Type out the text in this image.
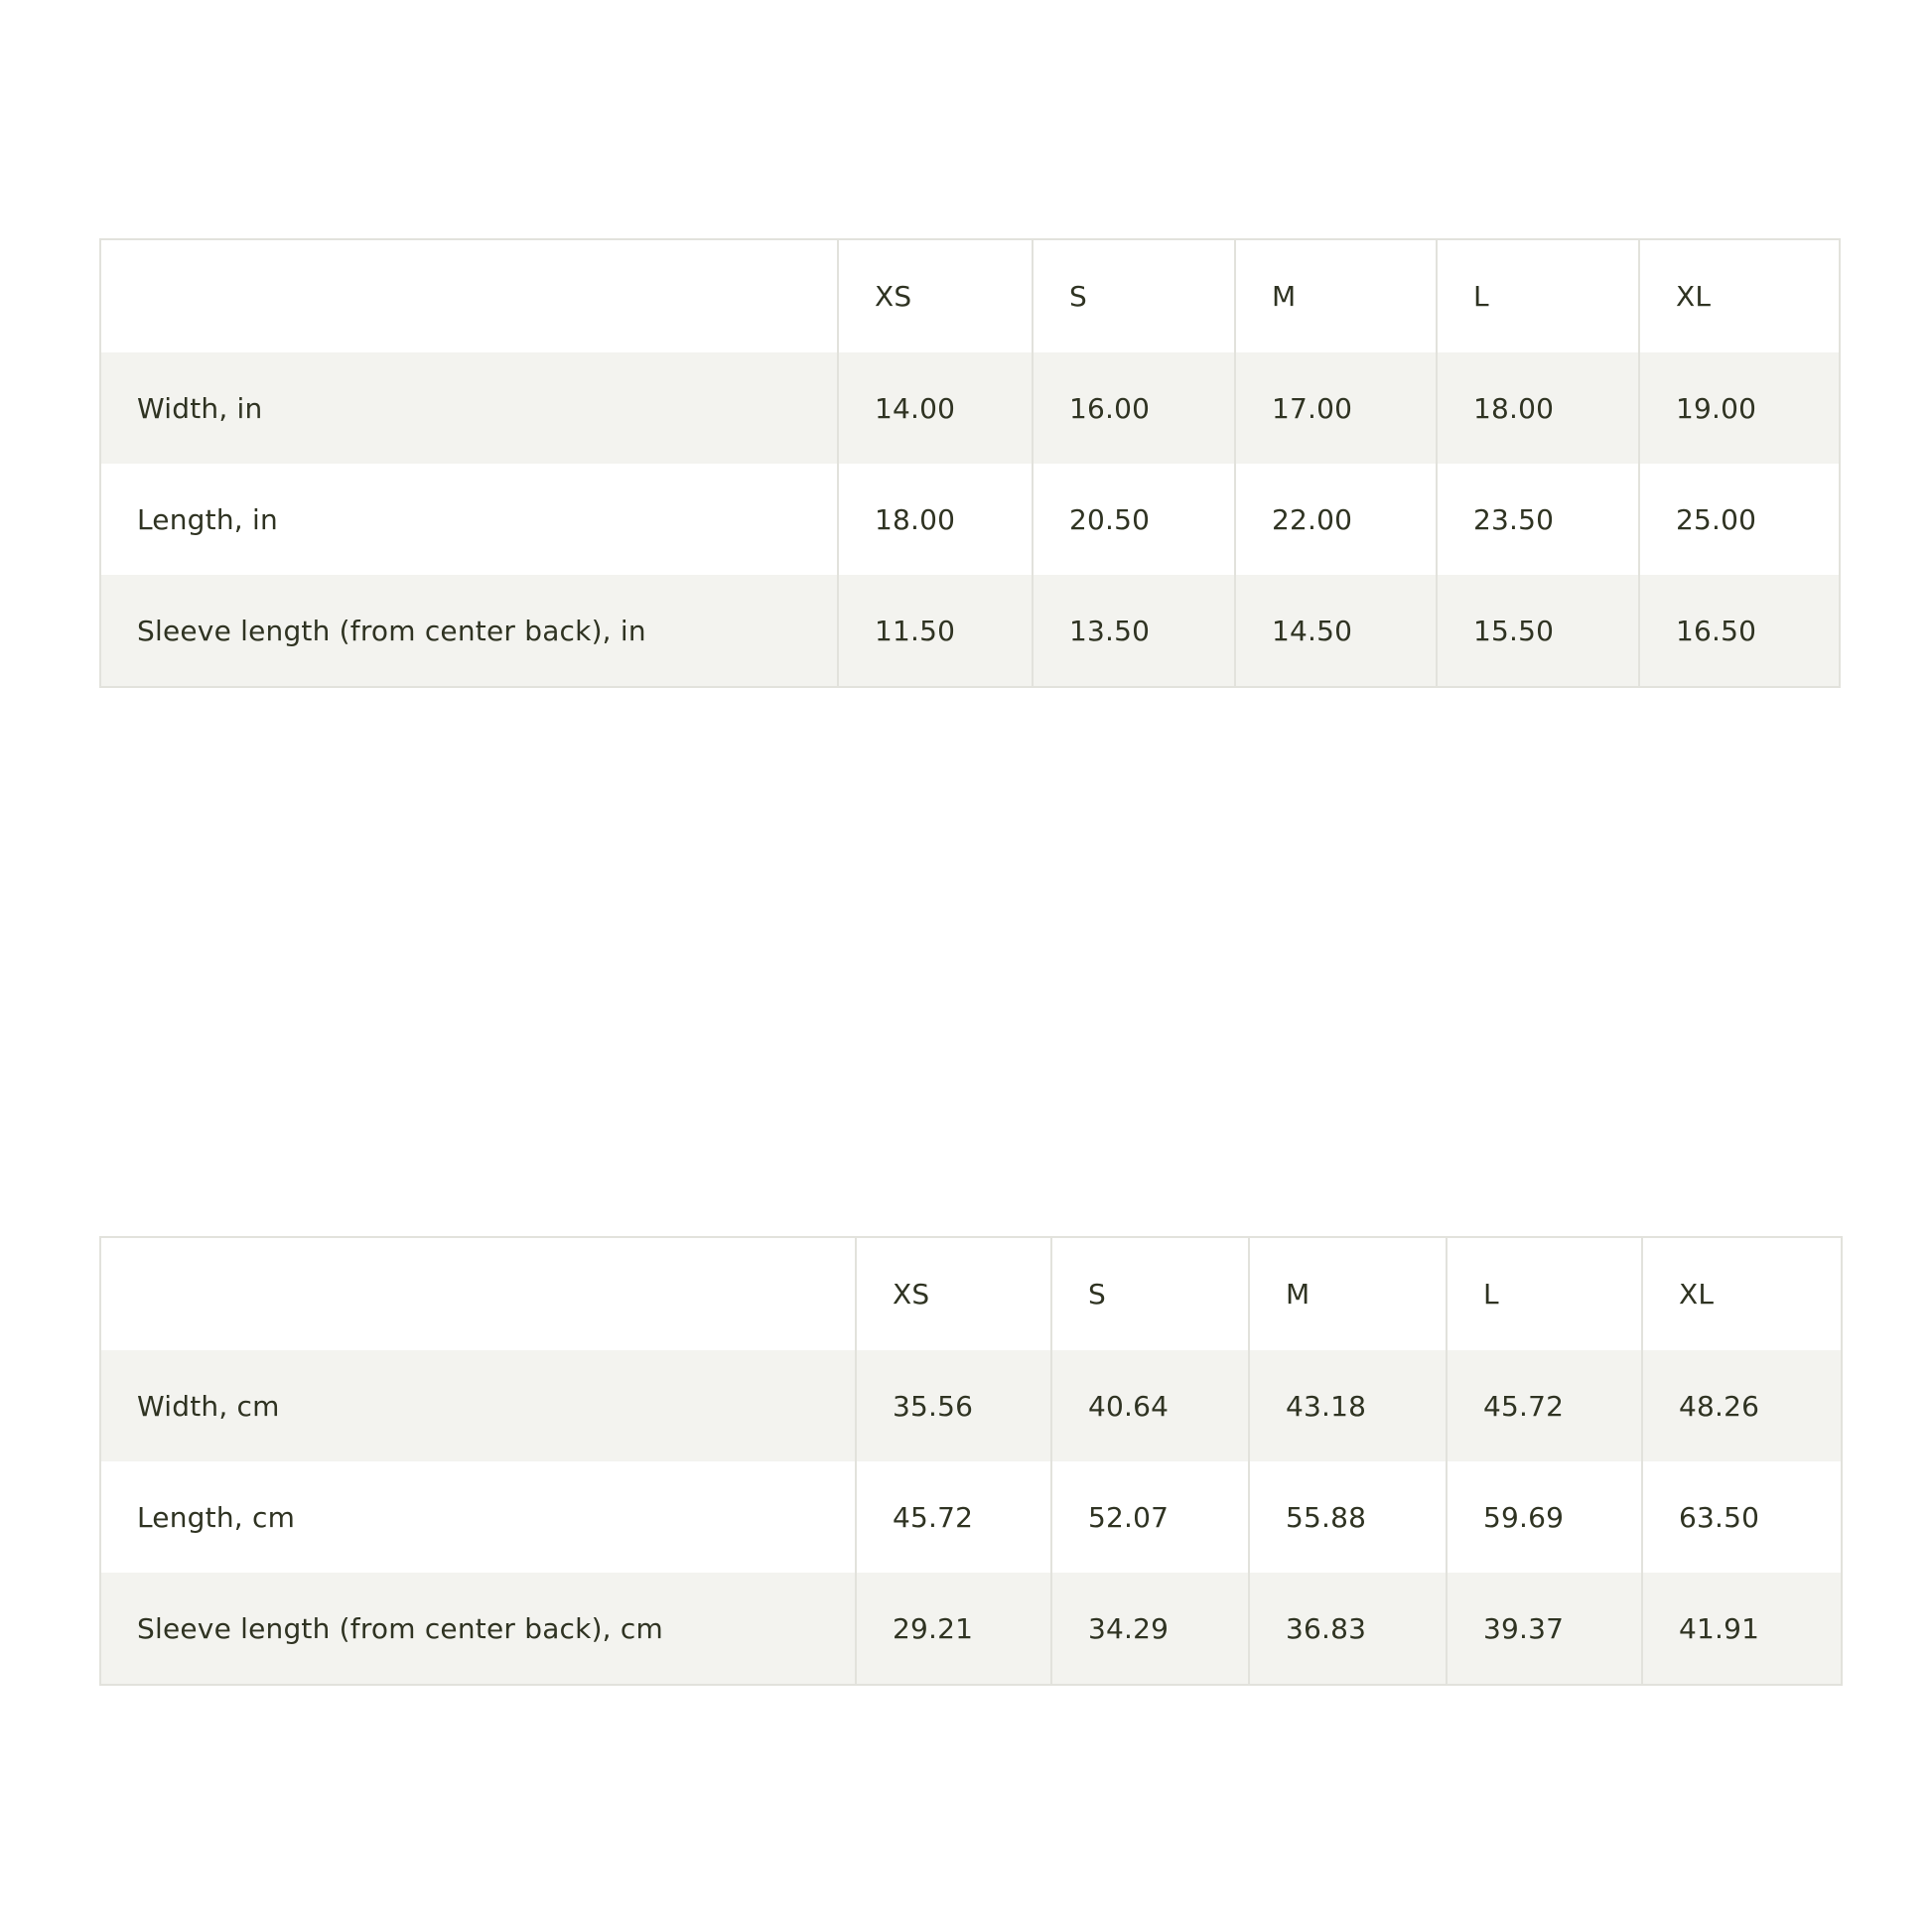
	XS	S	M	L	XL
Width, in	14.00	16.00	17.00	18.00	19.00
Length, in	18.00	20.50	22.00	23.50	25.00
Sleeve length (from center back), in	11.50	13.50	14.50	15.50	16.50
	XS	S	M	L	XL
Width, cm	35.56	40.64	43.18	45.72	48.26
Length, cm	45.72	52.07	55.88	59.69	63.50
Sleeve length (from center back), cm	29.21	34.29	36.83	39.37	41.91
